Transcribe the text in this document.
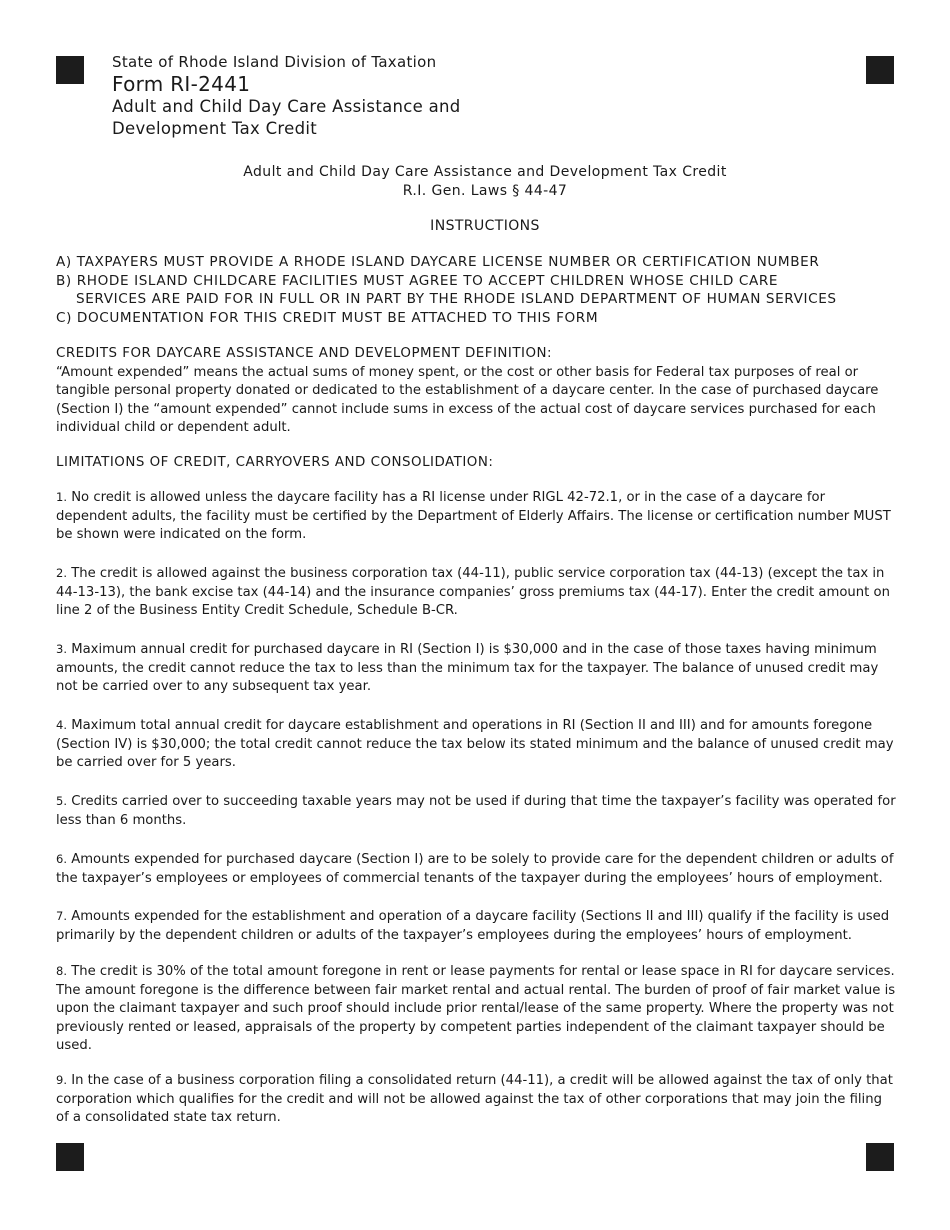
State of Rhode Island Division of Taxation
Form RI-2441
Adult and Child Day Care Assistance and Development Tax Credit
Adult and Child Day Care Assistance and Development Tax Credit
R.I. Gen. Laws § 44-47
INSTRUCTIONS
A) TAXPAYERS MUST PROVIDE A RHODE ISLAND DAYCARE LICENSE NUMBER OR CERTIFICATION NUMBER
B) RHODE ISLAND CHILDCARE FACILITIES MUST AGREE TO ACCEPT CHILDREN WHOSE CHILD CARE
SERVICES ARE PAID FOR IN FULL OR IN PART BY THE RHODE ISLAND DEPARTMENT OF HUMAN SERVICES
C) DOCUMENTATION FOR THIS CREDIT MUST BE ATTACHED TO THIS FORM
CREDITS FOR DAYCARE ASSISTANCE AND DEVELOPMENT DEFINITION:
“Amount expended” means the actual sums of money spent, or the cost or other basis for Federal tax purposes of real or tangible personal property donated or dedicated to the establishment of a daycare center. In the case of purchased daycare (Section I) the “amount expended” cannot include sums in excess of the actual cost of daycare services purchased for each individual child or dependent adult.
LIMITATIONS OF CREDIT, CARRYOVERS AND CONSOLIDATION:
1. No credit is allowed unless the daycare facility has a RI license under RIGL 42-72.1, or in the case of a daycare for dependent adults, the facility must be certified by the Department of Elderly Affairs. The license or certification number MUST be shown were indicated on the form.
2. The credit is allowed against the business corporation tax (44-11), public service corporation tax (44-13) (except the tax in 44-13-13), the bank excise tax (44-14) and the insurance companies’ gross premiums tax (44-17). Enter the credit amount on line 2 of the Business Entity Credit Schedule, Schedule B-CR.
3. Maximum annual credit for purchased daycare in RI (Section I) is $30,000 and in the case of those taxes having minimum amounts, the credit cannot reduce the tax to less than the minimum tax for the taxpayer. The balance of unused credit may not be carried over to any subsequent tax year.
4. Maximum total annual credit for daycare establishment and operations in RI (Section II and III) and for amounts foregone (Section IV) is $30,000; the total credit cannot reduce the tax below its stated minimum and the balance of unused credit may be carried over for 5 years.
5. Credits carried over to succeeding taxable years may not be used if during that time the taxpayer’s facility was operated for less than 6 months.
6. Amounts expended for purchased daycare (Section I) are to be solely to provide care for the dependent children or adults of the taxpayer’s employees or employees of commercial tenants of the taxpayer during the employees’ hours of employment.
7. Amounts expended for the establishment and operation of a daycare facility (Sections II and III) qualify if the facility is used primarily by the dependent children or adults of the taxpayer’s employees during the employees’ hours of employment.
8. The credit is 30% of the total amount foregone in rent or lease payments for rental or lease space in RI for daycare services. The amount foregone is the difference between fair market rental and actual rental. The burden of proof of fair market value is upon the claimant taxpayer and such proof should include prior rental/lease of the same property. Where the property was not previously rented or leased, appraisals of the property by competent parties independent of the claimant taxpayer should be used.
9. In the case of a business corporation filing a consolidated return (44-11), a credit will be allowed against the tax of only that corporation which qualifies for the credit and will not be allowed against the tax of other corporations that may join the filing of a consolidated state tax return.
